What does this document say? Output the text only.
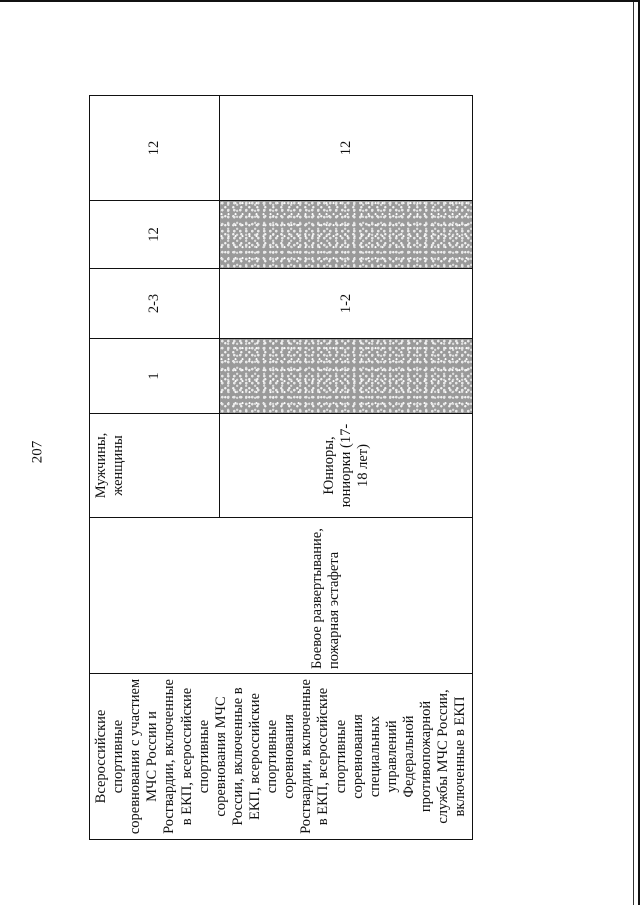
207
Всероссийские спортивные соревнования с участием МЧС России и Росгвардии, включенные в ЕКП, всероссийские спортивные соревнования МЧС России, включенные в ЕКП, всероссийские спортивные соревнования Росгвардии, включенные в ЕКП, всероссийские спортивные соревнования специальных управлений Федеральной противопожарной службы МЧС России, включенные в ЕКП	Боевое развертывание, пожарная эстафета	Мужчины, женщины	1	2-3	12	12
		Юниоры, юниорки (17-18 лет)		1-2		12
